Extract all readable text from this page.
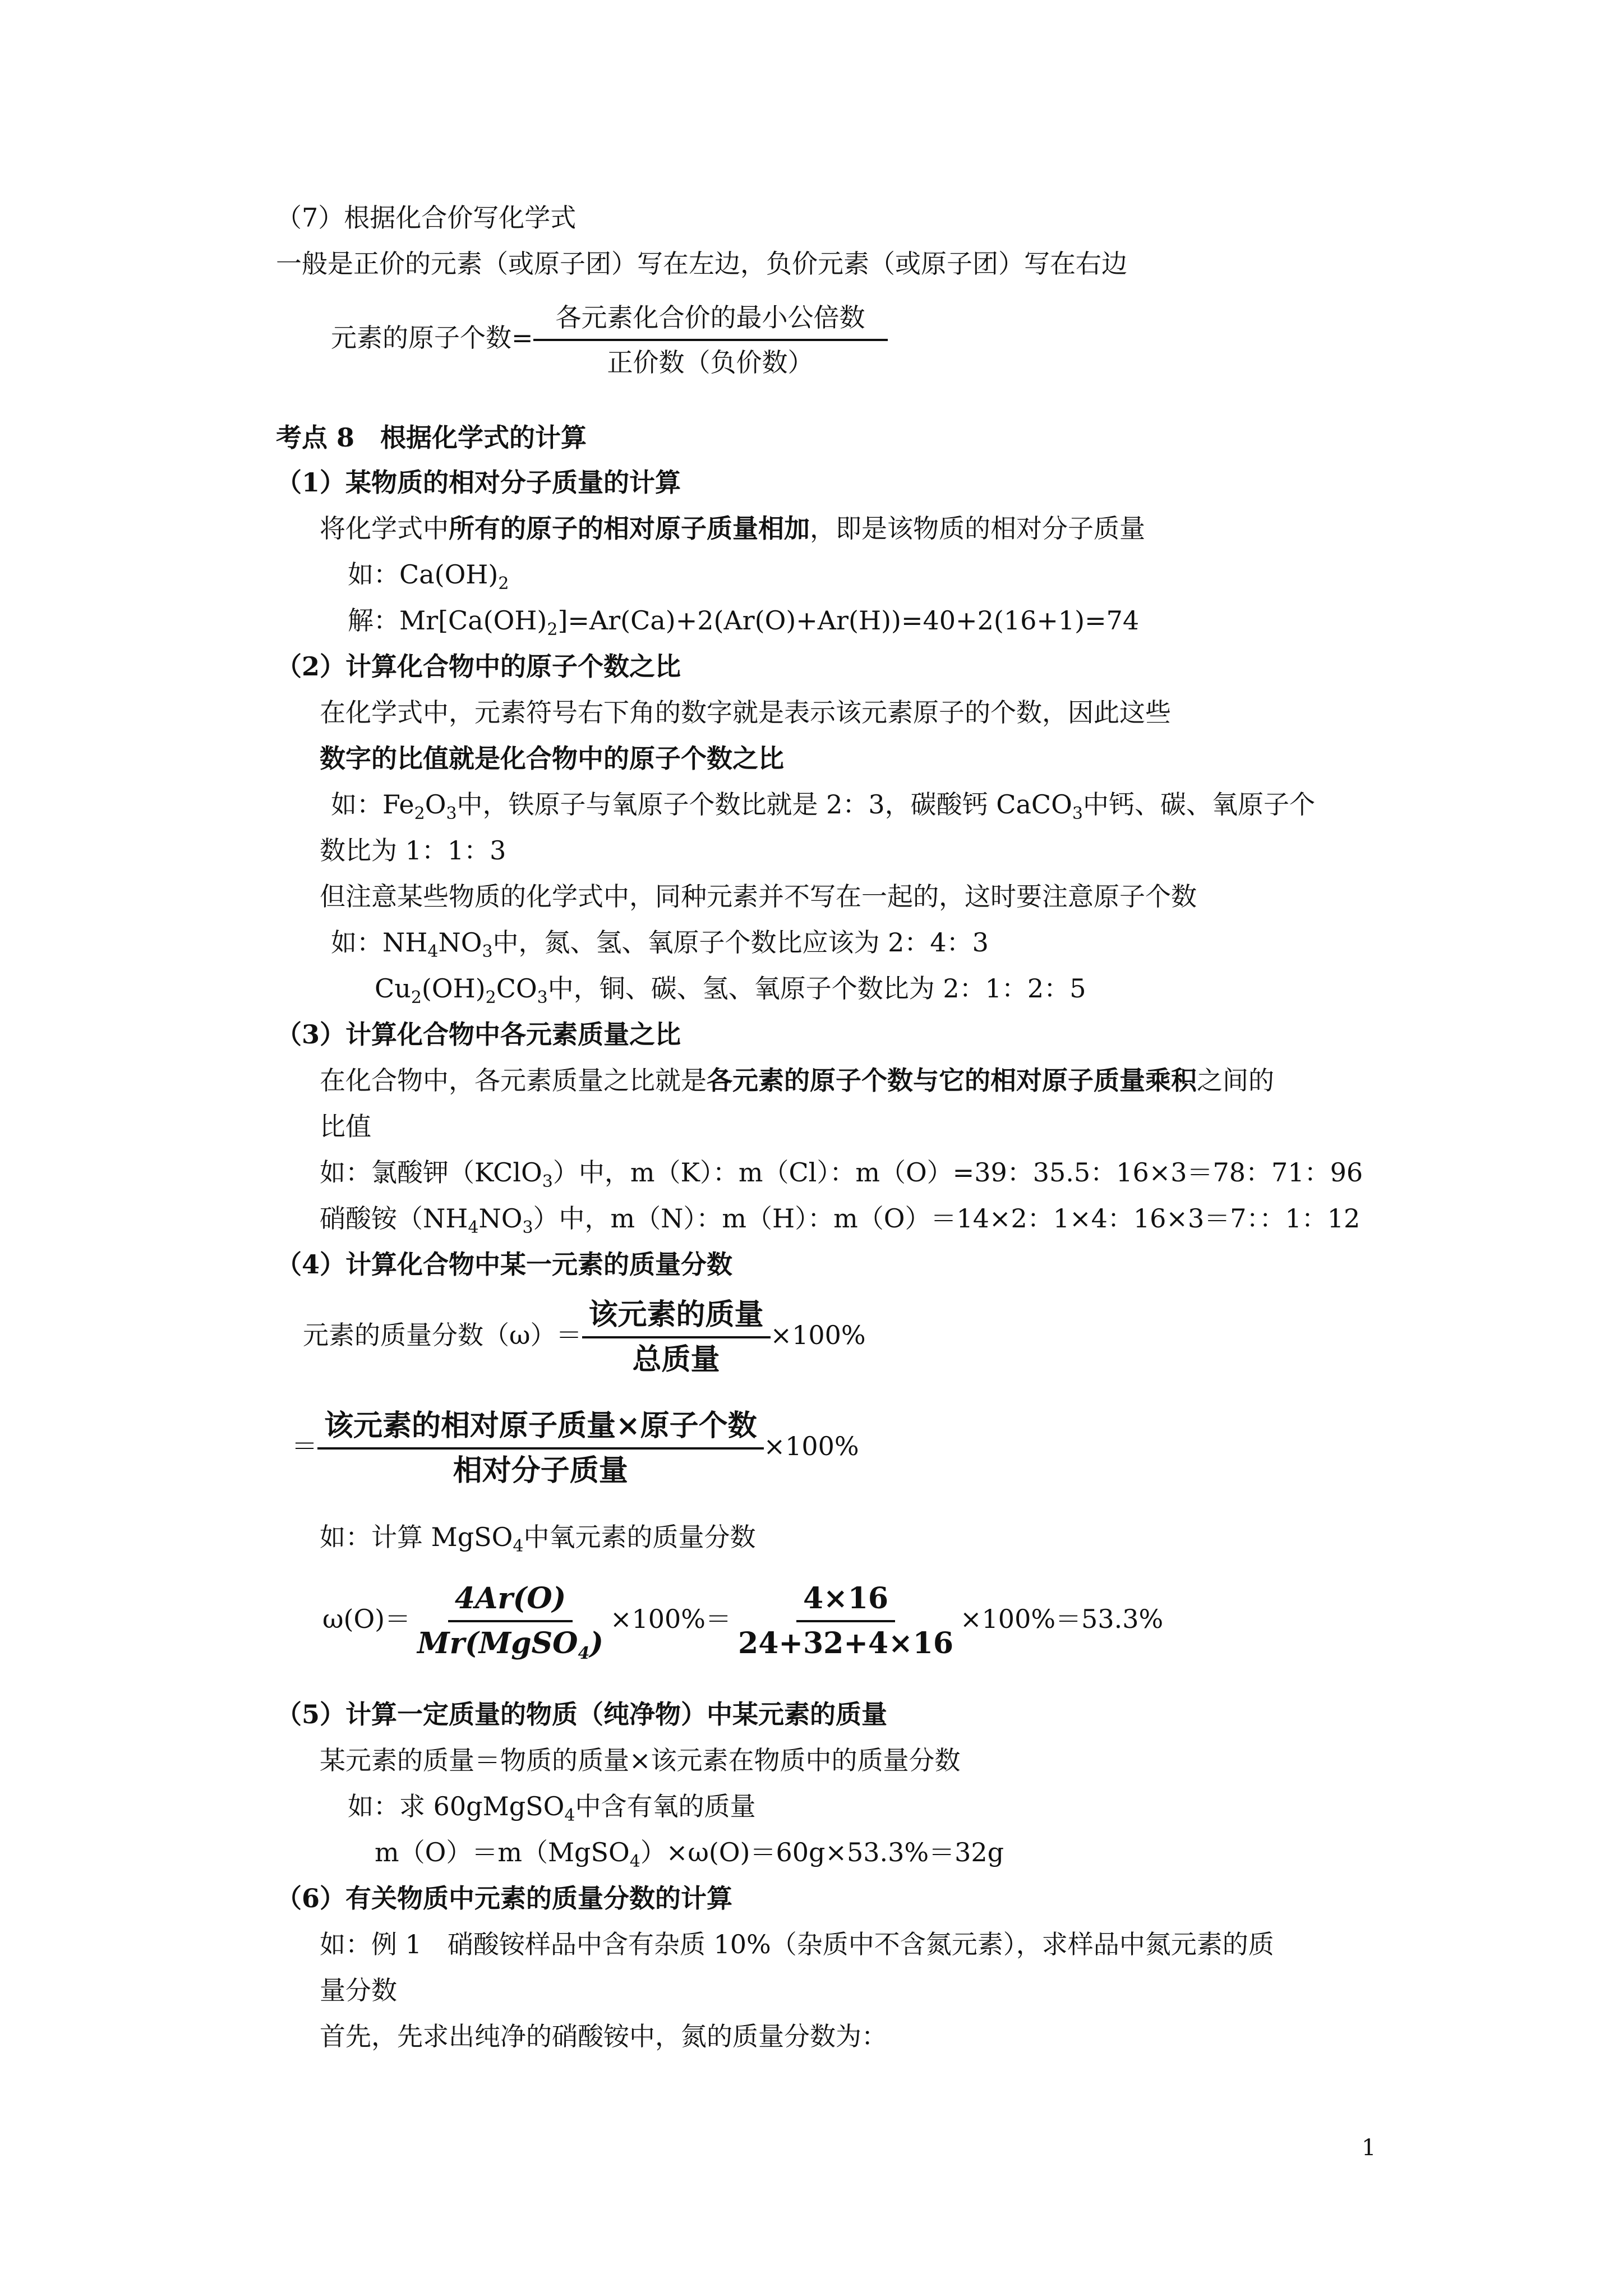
（7）根据化合价写化学式
一般是正价的元素（或原子团）写在左边，负价元素（或原子团）写在右边
元素的原子个数= $\frac{\text{各元素化合价的最小公倍数}}{\text{正价数（负价数）}}$
考点 8　根据化学式的计算
（1）某物质的相对分子质量的计算
将化学式中所有的原子的相对原子质量相加，即是该物质的相对分子质量
如：$Ca(OH)_2$
解：$Mr[Ca(OH)_2]=Ar(Ca)+2(Ar(O)+Ar(H))=40+2(16+1)=74$
（2）计算化合物中的原子个数之比
在化学式中，元素符号右下角的数字就是表示该元素原子的个数，因此这些
数字的比值就是化合物中的原子个数之比
如：$Fe_2O_3$中，铁原子与氧原子个数比就是 2：3，碳酸钙 CaCO$_3$中钙、碳、氧原子个
数比为 1：1：3
但注意某些物质的化学式中，同种元素并不写在一起的，这时要注意原子个数
如：$NH_4NO_3$中，氮、氢、氧原子个数比应该为 2：4：3
$Cu_2(OH)_2CO_3$中，铜、碳、氢、氧原子个数比为 2：1：2：5
（3）计算化合物中各元素质量之比
在化合物中，各元素质量之比就是各元素的原子个数与它的相对原子质量乘积之间的
比值
如：氯酸钾（KClO$_3$）中，m（K）：m（Cl）：m（O）=39：35.5：16×3＝78：71：96
硝酸铵$(NH_4NO_3)$中，m（N）：m（H）：m（O）＝14×2：1×4：16×3＝7：：1：12
（4）计算化合物中某一元素的质量分数
元素的质量分数$(\omega)= \frac{\text{该元素的质量}}{\text{总质量}} \times 100\%$
＝ $\frac{\text{该元素的相对原子质量×原子个数}}{\text{相对分子质量}} \times 100\%$
如：计算 MgSO$_4$中氧元素的质量分数
$\omega(O)= \frac{4Ar(O)}{Mr(MgSO_4)} \times 100\%= \frac{4\times 16}{24+32+4\times 16} \times 100\%=53.3\%$
（5）计算一定质量的物质（纯净物）中某元素的质量
某元素的质量＝物质的质量×该元素在物质中的质量分数
如：求 60gMgSO$_4$中含有氧的质量
m（O）＝m（MgSO$_4$）×ω(O)＝60g×53.3%＝32g
（6）有关物质中元素的质量分数的计算
如：例 1　硝酸铵样品中含有杂质 10%（杂质中不含氮元素），求样品中氮元素的质
量分数
首先，先求出纯净的硝酸铵中，氮的质量分数为：
1
